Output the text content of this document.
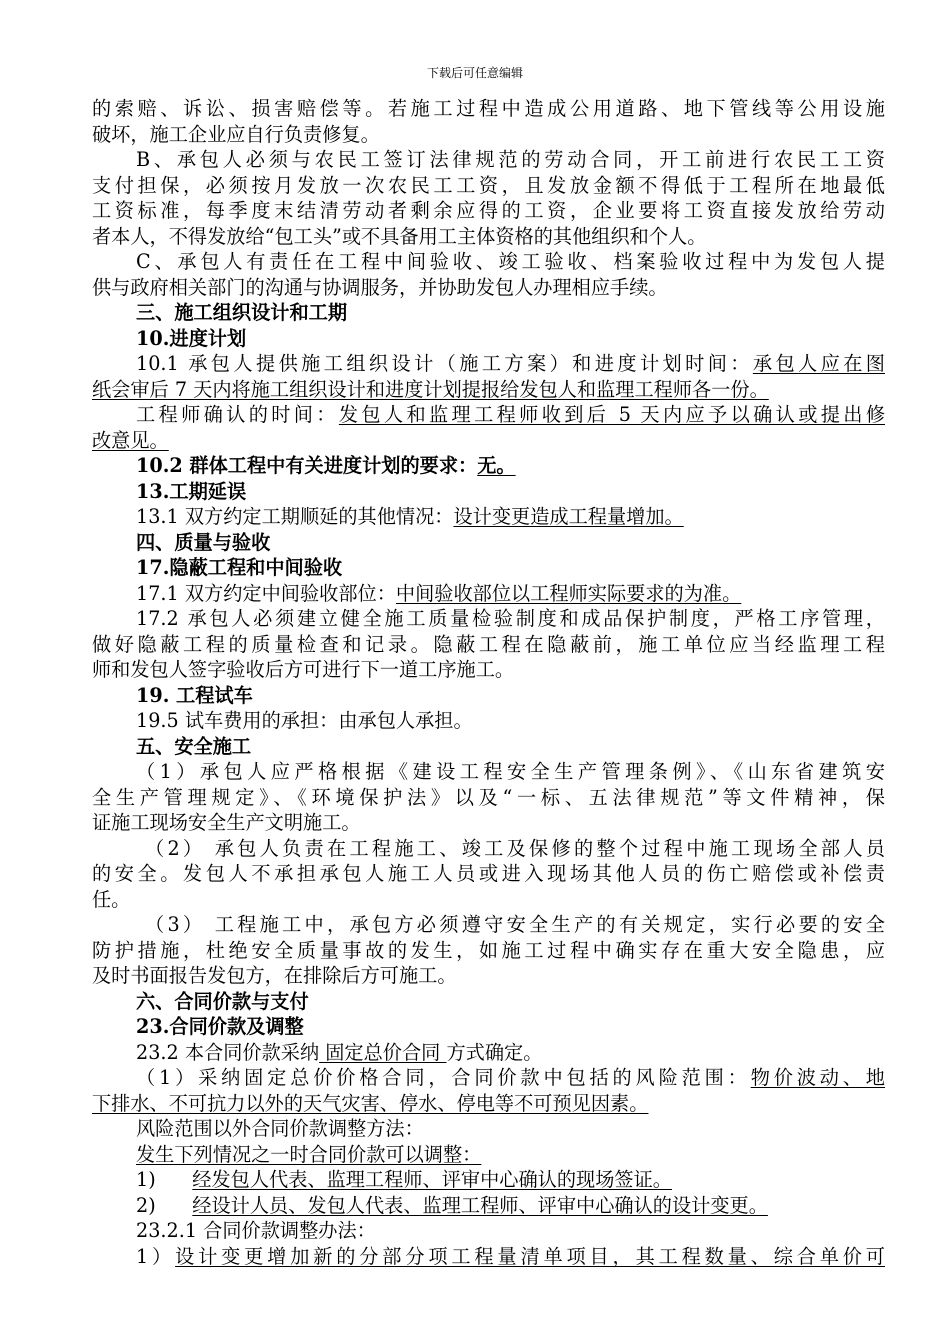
下载后可任意编辑

的索赔、诉讼、损害赔偿等。若施工过程中造成公用道路、地下管线等公用设施

破坏，施工企业应自行负责修复。

B、承包人必须与农民工签订法律规范的劳动合同，开工前进行农民工工资

支付担保，必须按月发放一次农民工工资，且发放金额不得低于工程所在地最低

工资标准，每季度末结清劳动者剩余应得的工资，企业要将工资直接发放给劳动

者本人，不得发放给“包工头”或不具备用工主体资格的其他组织和个人。

C、承包人有责任在工程中间验收、竣工验收、档案验收过程中为发包人提

供与政府相关部门的沟通与协调服务，并协助发包人办理相应手续。

三、施工组织设计和工期

10.进度计划

10.1 承包人提供施工组织设计（施工方案）和进度计划时间：承包人应在图

纸会审后 7 天内将施工组织设计和进度计划提报给发包人和监理工程师各一份。

工程师确认的时间：发包人和监理工程师收到后 5 天内应予以确认或提出修

改意见。

10.2 群体工程中有关进度计划的要求：无。

13.工期延误

13.1 双方约定工期顺延的其他情况：设计变更造成工程量增加。

四、质量与验收

17.隐蔽工程和中间验收

17.1 双方约定中间验收部位：中间验收部位以工程师实际要求的为准。

17.2 承包人必须建立健全施工质量检验制度和成品保护制度，严格工序管理，

做好隐蔽工程的质量检查和记录。隐蔽工程在隐蔽前，施工单位应当经监理工程

师和发包人签字验收后方可进行下一道工序施工。

19. 工程试车

19.5 试车费用的承担：由承包人承担。

五、安全施工

（1）承包人应严格根据《建设工程安全生产管理条例》、《山东省建筑安

全生产管理规定》、《环境保护法》以及“一标、五法律规范”等文件精神，保

证施工现场安全生产文明施工。

（2） 承包人负责在工程施工、竣工及保修的整个过程中施工现场全部人员

的安全。发包人不承担承包人施工人员或进入现场其他人员的伤亡赔偿或补偿责

任。

（3） 工程施工中，承包方必须遵守安全生产的有关规定，实行必要的安全

防护措施，杜绝安全质量事故的发生，如施工过程中确实存在重大安全隐患，应

及时书面报告发包方，在排除后方可施工。

六、合同价款与支付

23.合同价款及调整

23.2 本合同价款采纳 固定总价合同 方式确定。

（1）采纳固定总价价格合同，合同价款中包括的风险范围：物价波动、地

下排水、不可抗力以外的天气灾害、停水、停电等不可预见因素。

风险范围以外合同价款调整方法：

发生下列情况之一时合同价款可以调整：

1)      经发包人代表、监理工程师、评审中心确认的现场签证。

2)      经设计人员、发包人代表、监理工程师、评审中心确认的设计变更。

23.2.1 合同价款调整办法：

1）设计变更增加新的分部分项工程量清单项目，其工程数量、综合单价可
